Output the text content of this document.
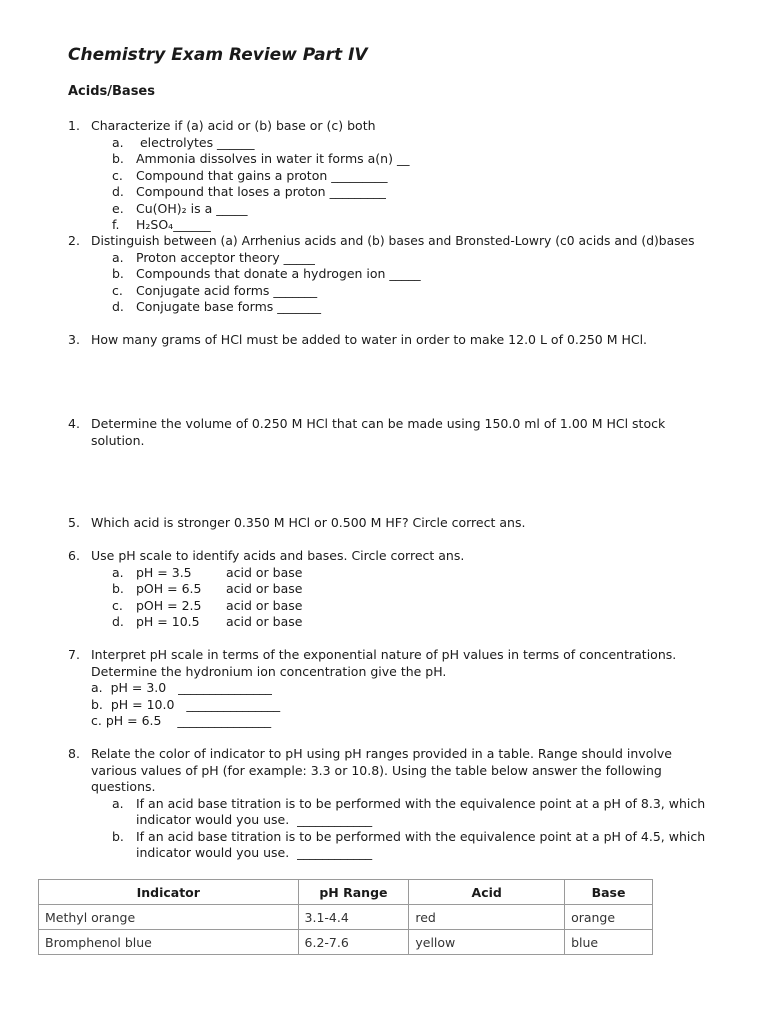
Chemistry Exam Review Part IV
Acids/Bases
1. Characterize if (a) acid or (b) base or (c) both
a. electrolytes ______
b. Ammonia dissolves in water it forms a(n) __
c. Compound that gains a proton _________
d. Compound that loses a proton _________
e. Cu(OH)₂ is a _____
f. H₂SO₄______
2. Distinguish between (a) Arrhenius acids and (b) bases and Bronsted-Lowry (c0 acids and (d)bases
a. Proton acceptor theory _____
b. Compounds that donate a hydrogen ion _____
c. Conjugate acid forms _______
d. Conjugate base forms _______
3. How many grams of HCl must be added to water in order to make 12.0 L of 0.250 M HCl.
4. Determine the volume of 0.250 M HCl that can be made using 150.0 ml of 1.00 M HCl stock
solution.
5. Which acid is stronger 0.350 M HCl or 0.500 M HF? Circle correct ans.
6. Use pH scale to identify acids and bases. Circle correct ans.
a. pH = 3.5	acid or base
b. pOH = 6.5 acid or base
c. pOH = 2.5 acid or base
d. pH = 10.5 acid or base
7. Interpret pH scale in terms of the exponential nature of pH values in terms of concentrations.
Determine the hydronium ion concentration give the pH.
a.  pH = 3.0   _______________
b.  pH = 10.0   _______________
c. pH = 6.5    _______________
8. Relate the color of indicator to pH using pH ranges provided in a table. Range should involve
various values of pH (for example: 3.3 or 10.8). Using the table below answer the following
questions.
a. If an acid base titration is to be performed with the equivalence point at a pH of 8.3, which
indicator would you use.  ____________
b. If an acid base titration is to be performed with the equivalence point at a pH of 4.5, which
indicator would you use.  ____________
Indicator	pH Range	Acid	Base
Methyl orange	3.1-4.4	red	orange
Bromphenol blue	6.2-7.6	yellow	blue
